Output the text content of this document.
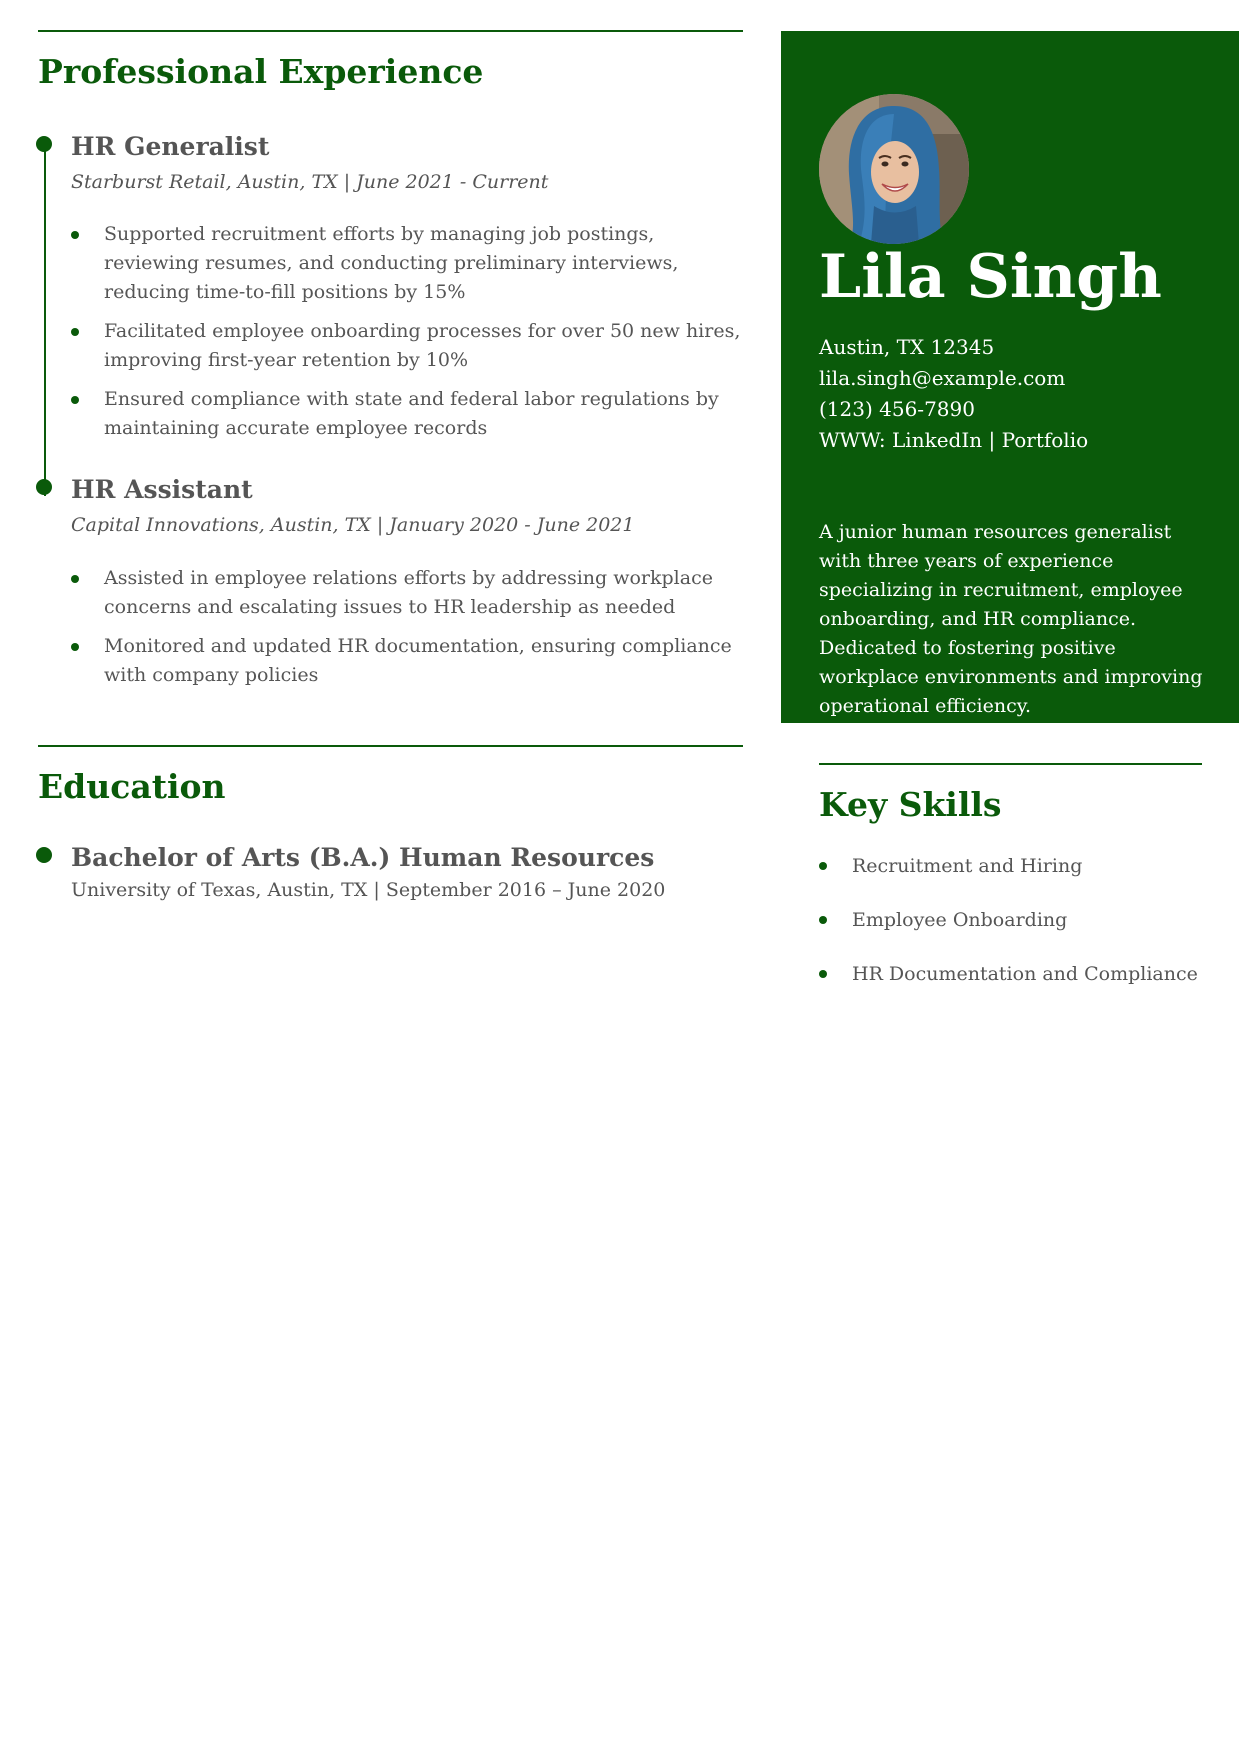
Professional Experience
HR Generalist
Starburst Retail, Austin, TX | June 2021 - Current
Supported recruitment efforts by managing job postings, reviewing resumes, and conducting preliminary interviews, reducing time-to-fill positions by 15%
Facilitated employee onboarding processes for over 50 new hires, improving first-year retention by 10%
Ensured compliance with state and federal labor regulations by maintaining accurate employee records
HR Assistant
Capital Innovations, Austin, TX | January 2020 - June 2021
Assisted in employee relations efforts by addressing workplace concerns and escalating issues to HR leadership as needed
Monitored and updated HR documentation, ensuring compliance with company policies
Education
Bachelor of Arts (B.A.) Human Resources
University of Texas, Austin, TX | September 2016 – June 2020
Lila Singh
Austin, TX 12345
lila.singh@example.com
(123) 456-7890
WWW: LinkedIn | Portfolio
A junior human resources generalist with three years of experience specializing in recruitment, employee onboarding, and HR compliance. Dedicated to fostering positive workplace environments and improving operational efficiency.
Key Skills
Recruitment and Hiring
Employee Onboarding
HR Documentation and Compliance
